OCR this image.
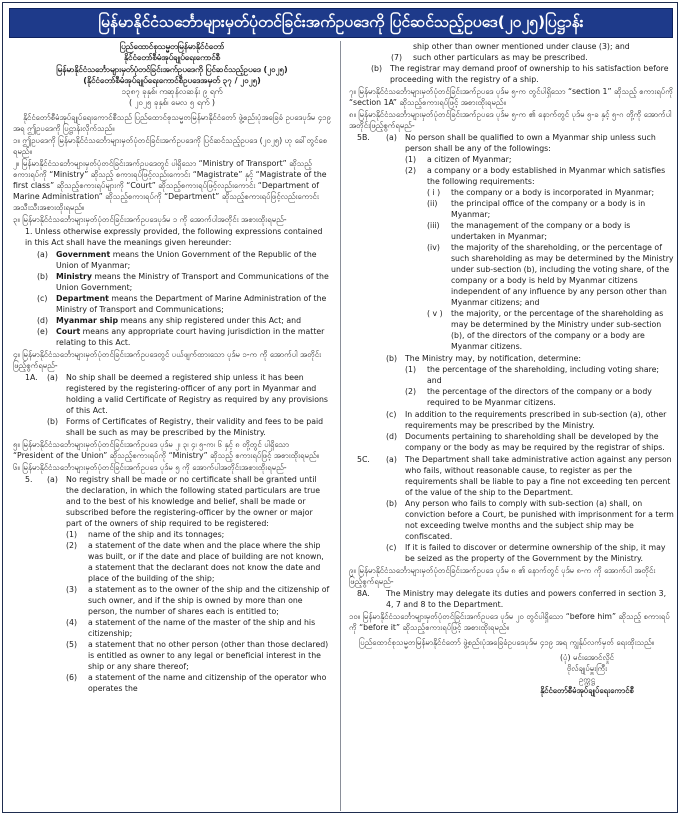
မြန်မာနိုင်ငံသင်္ဘောများမှတ်ပုံတင်ခြင်းအက်ဥပဒေကို ပြင်ဆင်သည့်ဥပဒေ(၂၀၂၅)ပြဋ္ဌာန်း
ပြည်ထောင်စုသမ္မတမြန်မာနိုင်ငံတော်
နိုင်ငံတော်စီမံအုပ်ချုပ်ရေးကောင်စီ
မြန်မာနိုင်ငံသင်္ဘောများမှတ်ပုံတင်ခြင်းအက်ဥပဒေကို ပြင်ဆင်သည့်ဥပဒေ (၂၀၂၅)
(နိုင်ငံတော်စီမံအုပ်ချုပ်ရေးကောင်စီဥပဒေအမှတ် ၃၇ / ၂၀၂၅)
၁၃၈၇ ခုနှစ်၊ ကဆုန်လဆန်း ၉ ရက်
( ၂၀၂၅ ခုနှစ်၊ မေလ ၅ ရက် )
နိုင်ငံတော်စီမံအုပ်ချုပ်ရေးကောင်စီသည် ပြည်ထောင်စုသမ္မတမြန်မာနိုင်ငံတော် ဖွဲ့စည်းပုံအခြေခံ ဥပဒေပုဒ်မ ၄၁၉ အရ ဤဥပဒေကို ပြဋ္ဌာန်းလိုက်သည်။
၁။ ဤဥပဒေကို မြန်မာနိုင်ငံသင်္ဘောများမှတ်ပုံတင်ခြင်းအက်ဥပဒေကို ပြင်ဆင်သည့်ဥပဒေ (၂၀၂၅) ဟု ခေါ်တွင်စေရမည်။
၂။ မြန်မာနိုင်ငံသင်္ဘောများမှတ်ပုံတင်ခြင်းအက်ဥပဒေတွင် ပါရှိသော “Ministry of Transport” ဆိုသည့် စကားရပ်ကို “Ministry” ဆိုသည့် စကားရပ်ဖြင့်လည်းကောင်း “Magistrate” နှင့် “Magistrate of the first class” ဆိုသည့်စကားရပ်များကို “Court” ဆိုသည့်စကားရပ်ဖြင့်လည်းကောင်း “Department of Marine Administration” ဆိုသည့်စကားရပ်ကို “Department” ဆိုသည့်စကားရပ်ဖြင့်လည်းကောင်း အသီးသီးအစားထိုးရမည်။
၃။ မြန်မာနိုင်ငံသင်္ဘောများမှတ်ပုံတင်ခြင်းအက်ဥပဒေပုဒ်မ ၁ ကို အောက်ပါအတိုင်း အစားထိုးရမည်-
1. Unless otherwise expressly provided, the following expressions contained in this Act shall have the meanings given hereunder:
(a)	Government means the Union Government of the Republic of the Union of Myanmar;
(b)	Ministry means the Ministry of Transport and Communications of the Union Government;
(c)	Department means the Department of Marine Administration of the Ministry of Transport and Communications;
(d)	Myanmar ship means any ship registered under this Act; and
(e)	Court means any appropriate court having jurisdiction in the matter relating to this Act.
၄။ မြန်မာနိုင်ငံသင်္ဘောများမှတ်ပုံတင်ခြင်းအက်ဥပဒေတွင် ပယ်ဖျက်ထားသော ပုဒ်မ ၁-က ကို အောက်ပါ အတိုင်း ဖြည့်စွက်ရမည်-
1A.	(a)	No ship shall be deemed a registered ship unless it has been registered by the registering-officer of any port in Myanmar and holding a valid Certificate of Registry as required by any provisions of this Act.
(b)	Forms of Certificates of Registry, their validity and fees to be paid shall be such as may be prescribed by the Ministry.
၅။ မြန်မာနိုင်ငံသင်္ဘောများမှတ်ပုံတင်ခြင်းအက်ဥပဒေ ပုဒ်မ ၂၊ ၃၊ ၄၊ ၅-က၊ ၆ နှင့် ၈ တို့တွင် ပါရှိသော “President of the Union” ဆိုသည့်စကားရပ်ကို “Ministry” ဆိုသည့် စကားရပ်ဖြင့် အစားထိုးရမည်။
၆။ မြန်မာနိုင်ငံသင်္ဘောများမှတ်ပုံတင်ခြင်းအက်ဥပဒေ ပုဒ်မ ၅ ကို အောက်ပါအတိုင်းအစားထိုးရမည်-
5.	(a)	No registry shall be made or no certificate shall be granted until the declaration, in which the following stated particulars are true and to the best of his knowledge and belief, shall be made or subscribed before the registering-officer by the owner or major part of the owners of ship required to be registered:
(1)	name of the ship and its tonnages;
(2)	a statement of the date when and the place where the ship was built, or if the date and place of building are not known, a statement that the declarant does not know the date and place of the building of the ship;
(3)	a statement as to the owner of the ship and the citizenship of such owner, and if the ship is owned by more than one person, the number of shares each is entitled to;
(4)	a statement of the name of the master of the ship and his citizenship;
(5)	a statement that no other person (other than those declared) is entitled as owner to any legal or beneficial interest in the ship or any share thereof;
(6)	a statement of the name and citizenship of the operator who operates the
ship other than owner mentioned under clause (3); and
(7)	such other particulars as may be prescribed.
(b)	The registrar may demand proof of ownership to his satisfaction before proceeding with the registry of a ship.
၇။ မြန်မာနိုင်ငံသင်္ဘောများမှတ်ပုံတင်ခြင်းအက်ဥပဒေ ပုဒ်မ ၅-က တွင်ပါရှိသော “section 1” ဆိုသည့် စကားရပ်ကို “section 1A” ဆိုသည့်စကားရပ်ဖြင့် အစားထိုးရမည်။
၈။ မြန်မာနိုင်ငံသင်္ဘောများမှတ်ပုံတင်ခြင်းအက်ဥပဒေ ပုဒ်မ ၅-က ၏ နောက်တွင် ပုဒ်မ ၅-ခ နှင့် ၅-ဂ တို့ကို အောက်ပါအတိုင်းဖြည့်စွက်ရမည်-
5B.	(a)	No person shall be qualified to own a Myanmar ship unless such person shall be any of the followings:
(1)	a citizen of Myanmar;
(2)	a company or a body established in Myanmar which satisfies the following requirements:
( i )	the company or a body is incorporated in Myanmar;
(ii)	the principal office of the company or a body is in Myanmar;
(iii)	the management of the company or a body is undertaken in Myanmar;
(iv)	the majority of the shareholding, or the percentage of such shareholding as may be determined by the Ministry under sub-section (b), including the voting share, of the company or a body is held by Myanmar citizens independent of any influence by any person other than Myanmar citizens; and
( v )	the majority, or the percentage of the shareholding as may be determined by the Ministry under sub-section (b), of the directors of the company or a body are Myanmar citizens.
(b)	The Ministry may, by notification, determine:
(1)	the percentage of the shareholding, including voting share; and
(2)	the percentage of the directors of the company or a body required to be Myanmar citizens.
(c)	In addition to the requirements prescribed in sub-section (a), other requirements may be prescribed by the Ministry.
(d)	Documents pertaining to shareholding shall be developed by the company or the body as may be required by the registrar of ships.
5C.	(a)	The Department shall take administrative action against any person who fails, without reasonable cause, to register as per the requirements shall be liable to pay a fine not exceeding ten percent of the value of the ship to the Department.
(b)	Any person who fails to comply with sub-section (a) shall, on conviction before a Court, be punished with imprisonment for a term not exceeding twelve months and the subject ship may be confiscated.
(c)	If it is failed to discover or determine ownership of the ship, it may be seized as the property of the Government by the Ministry.
၉။ မြန်မာနိုင်ငံသင်္ဘောများမှတ်ပုံတင်ခြင်းအက်ဥပဒေ ပုဒ်မ ၈ ၏ နောက်တွင် ပုဒ်မ ၈-က ကို အောက်ပါ အတိုင်း ဖြည့်စွက်ရမည်-
8A.	The Ministry may delegate its duties and powers conferred in section 3, 4, 7 and 8 to the Department.
၁၀။ မြန်မာနိုင်ငံသင်္ဘောများမှတ်ပုံတင်ခြင်းအက်ဥပဒေ ပုဒ်မ ၂၀ တွင်ပါရှိသော “before him” ဆိုသည့် စကားရပ်ကို “before it” ဆိုသည့်စကားရပ်ဖြင့် အစားထိုးရမည်။
ပြည်ထောင်စုသမ္မတမြန်မာနိုင်ငံတော် ဖွဲ့စည်းပုံအခြေခံဥပဒေပုဒ်မ ၄၁၉ အရ ကျွန်ုပ်လက်မှတ် ရေးထိုးသည်။
(ပုံ) မင်းအောင်လှိုင်
ဗိုလ်ချုပ်မှူးကြီး
ဥက္ကဋ္ဌ
နိုင်ငံတော်စီမံအုပ်ချုပ်ရေးကောင်စီ
